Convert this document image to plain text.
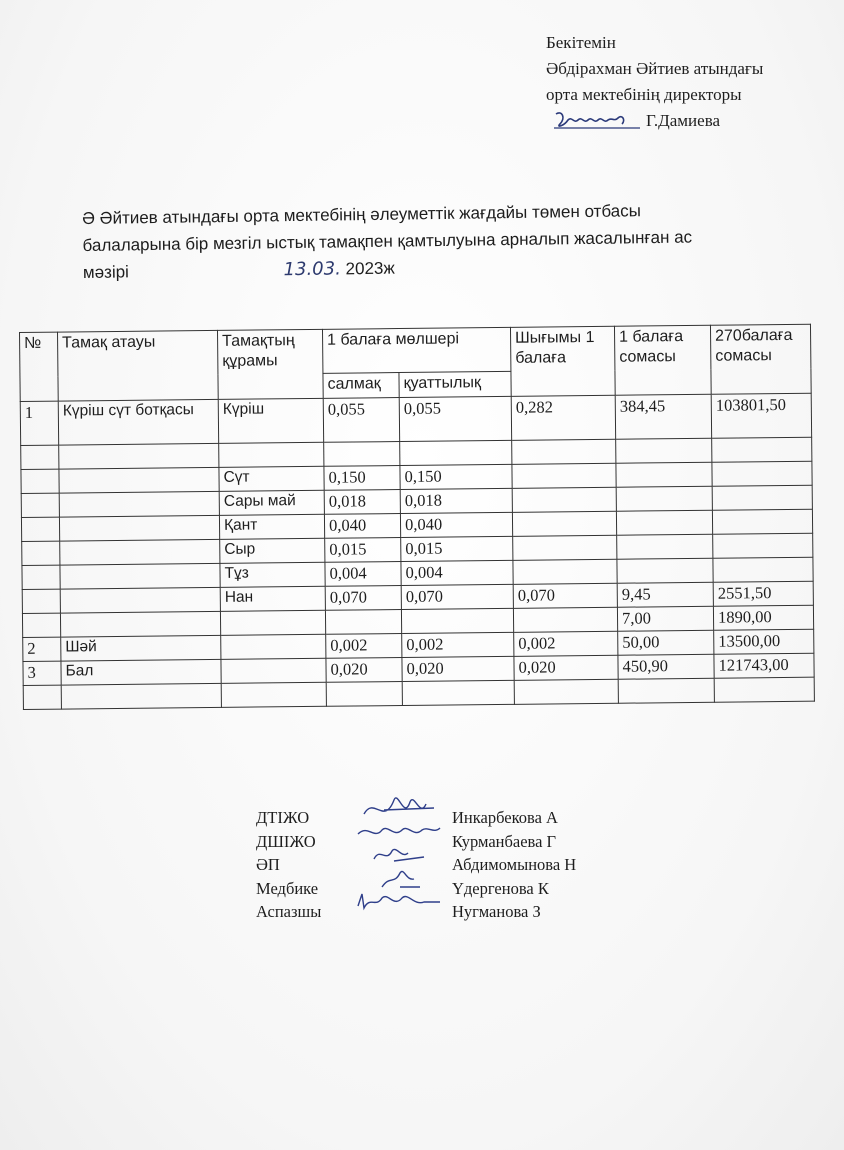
Бекітемін
Әбдірахман Әйтиев атындағы
орта мектебінің директоры
Г.Дамиева
Ә Әйтиев атындағы орта мектебінің әлеуметтік жағдайы төмен отбасы
балаларына бір мезгіл ыстық тамақпен қамтылуына арналып жасалынған ас
мәзірі	13.03. 2023ж
№	Тамақ атауы	Тамақтың құрамы	1 балаға мөлшері		Шығымы 1 балаға	1 балаға сомасы	270балаға сомасы
			салмақ	қуаттылық			
1	Күріш сүт ботқасы	Күріш	0,055	0,055	0,282	384,45	103801,50

		Сүт	0,150	0,150			
		Сары май	0,018	0,018			
		Қант	0,040	0,040			
		Сыр	0,015	0,015			
		Тұз	0,004	0,004			
		Нан	0,070	0,070	0,070	9,45	2551,50
						7,00	1890,00
2	Шәй		0,002	0,002	0,002	50,00	13500,00
3	Бал		0,020	0,020	0,020	450,90	121743,00

ДТІЖО	Инкарбекова А
ДШІЖО	Курманбаева Г
ӘП	Абдимомынова Н
Медбике	Үдергенова К
Аспазшы	Нугманова З
